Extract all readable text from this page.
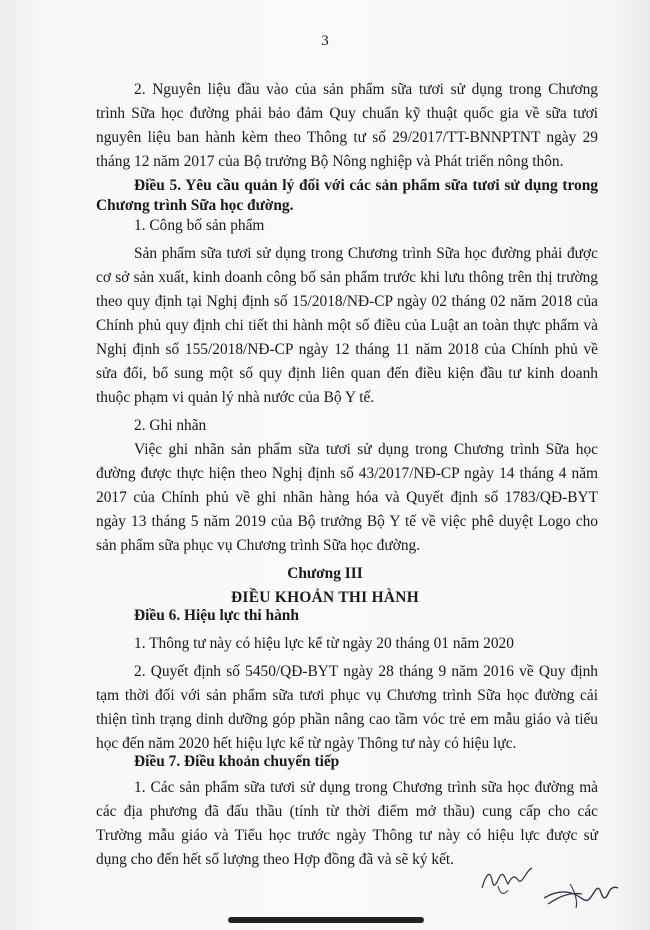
3
2. Nguyên liệu đầu vào của sản phẩm sữa tươi sử dụng trong Chương
trình Sữa học đường phải bảo đảm Quy chuẩn kỹ thuật quốc gia về sữa tươi
nguyên liệu ban hành kèm theo Thông tư số 29/2017/TT-BNNPTNT ngày 29
tháng 12 năm 2017 của Bộ trưởng Bộ Nông nghiệp và Phát triển nông thôn.
Điều 5. Yêu cầu quản lý đối với các sản phẩm sữa tươi sử dụng trong
Chương trình Sữa học đường.
1. Công bố sản phẩm
Sản phẩm sữa tươi sử dụng trong Chương trình Sữa học đường phải được
cơ sở sản xuất, kinh doanh công bố sản phẩm trước khi lưu thông trên thị trường
theo quy định tại Nghị định số 15/2018/NĐ-CP ngày 02 tháng 02 năm 2018 của
Chính phủ quy định chi tiết thi hành một số điều của Luật an toàn thực phẩm và
Nghị định số 155/2018/NĐ-CP ngày 12 tháng 11 năm 2018 của Chính phủ về
sửa đổi, bổ sung một số quy định liên quan đến điều kiện đầu tư kinh doanh
thuộc phạm vi quản lý nhà nước của Bộ Y tế.
2. Ghi nhãn
Việc ghi nhãn sản phẩm sữa tươi sử dụng trong Chương trình Sữa học
đường được thực hiện theo Nghị định số 43/2017/NĐ-CP ngày 14 tháng 4 năm
2017 của Chính phủ về ghi nhãn hàng hóa và Quyết định số 1783/QĐ-BYT
ngày 13 tháng 5 năm 2019 của Bộ trưởng Bộ Y tế về việc phê duyệt Logo cho
sản phẩm sữa phục vụ Chương trình Sữa học đường.
Chương III
ĐIỀU KHOẢN THI HÀNH
Điều 6. Hiệu lực thi hành
1. Thông tư này có hiệu lực kể từ ngày 20 tháng 01 năm 2020
2. Quyết định số 5450/QĐ-BYT ngày 28 tháng 9 năm 2016 về Quy định
tạm thời đối với sản phẩm sữa tươi phục vụ Chương trình Sữa học đường cải
thiện tình trạng dinh dưỡng góp phần nâng cao tầm vóc trẻ em mẫu giáo và tiểu
học đến năm 2020 hết hiệu lực kể từ ngày Thông tư này có hiệu lực.
Điều 7. Điều khoản chuyển tiếp
1. Các sản phẩm sữa tươi sử dụng trong Chương trình sữa học đường mà
các địa phương đã đấu thầu (tính từ thời điểm mở thầu) cung cấp cho các
Trường mẫu giáo và Tiểu học trước ngày Thông tư này có hiệu lực được sử
dụng cho đến hết số lượng theo Hợp đồng đã và sẽ ký kết.
